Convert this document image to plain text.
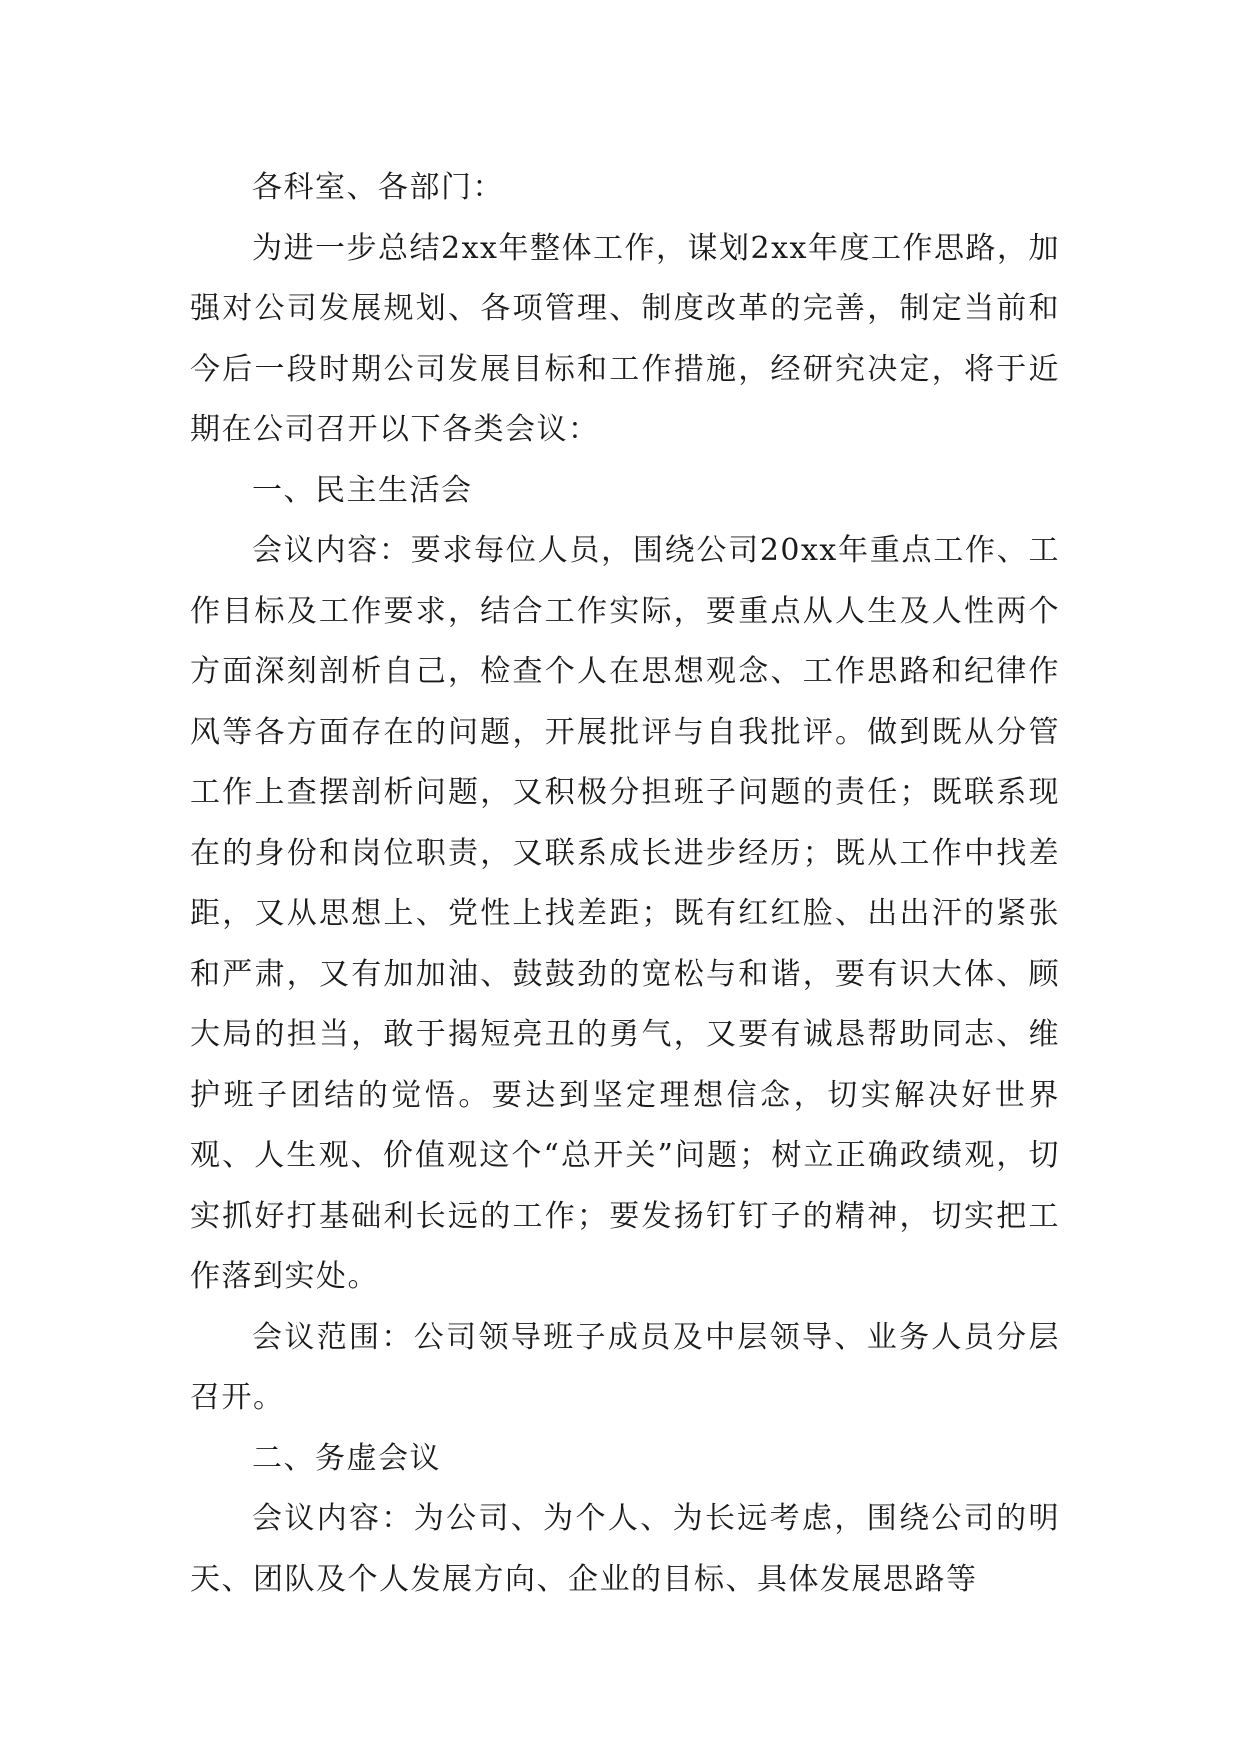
各科室、各部门：

为进一步总结2xx年整体工作，谋划2xx年度工作思路，加强对公司发展规划、各项管理、制度改革的完善，制定当前和今后一段时期公司发展目标和工作措施，经研究决定，将于近期在公司召开以下各类会议：

一、民主生活会

会议内容：要求每位人员，围绕公司20xx年重点工作、工作目标及工作要求，结合工作实际，要重点从人生及人性两个方面深刻剖析自己，检查个人在思想观念、工作思路和纪律作风等各方面存在的问题，开展批评与自我批评。做到既从分管工作上查摆剖析问题，又积极分担班子问题的责任；既联系现在的身份和岗位职责，又联系成长进步经历；既从工作中找差距，又从思想上、党性上找差距；既有红红脸、出出汗的紧张和严肃，又有加加油、鼓鼓劲的宽松与和谐，要有识大体、顾大局的担当，敢于揭短亮丑的勇气，又要有诚恳帮助同志、维护班子团结的觉悟。要达到坚定理想信念，切实解决好世界观、人生观、价值观这个“总开关”问题；树立正确政绩观，切实抓好打基础利长远的工作；要发扬钉钉子的精神，切实把工作落到实处。

会议范围：公司领导班子成员及中层领导、业务人员分层召开。

二、务虚会议

会议内容：为公司、为个人、为长远考虑，围绕公司的明天、团队及个人发展方向、企业的目标、具体发展思路等
